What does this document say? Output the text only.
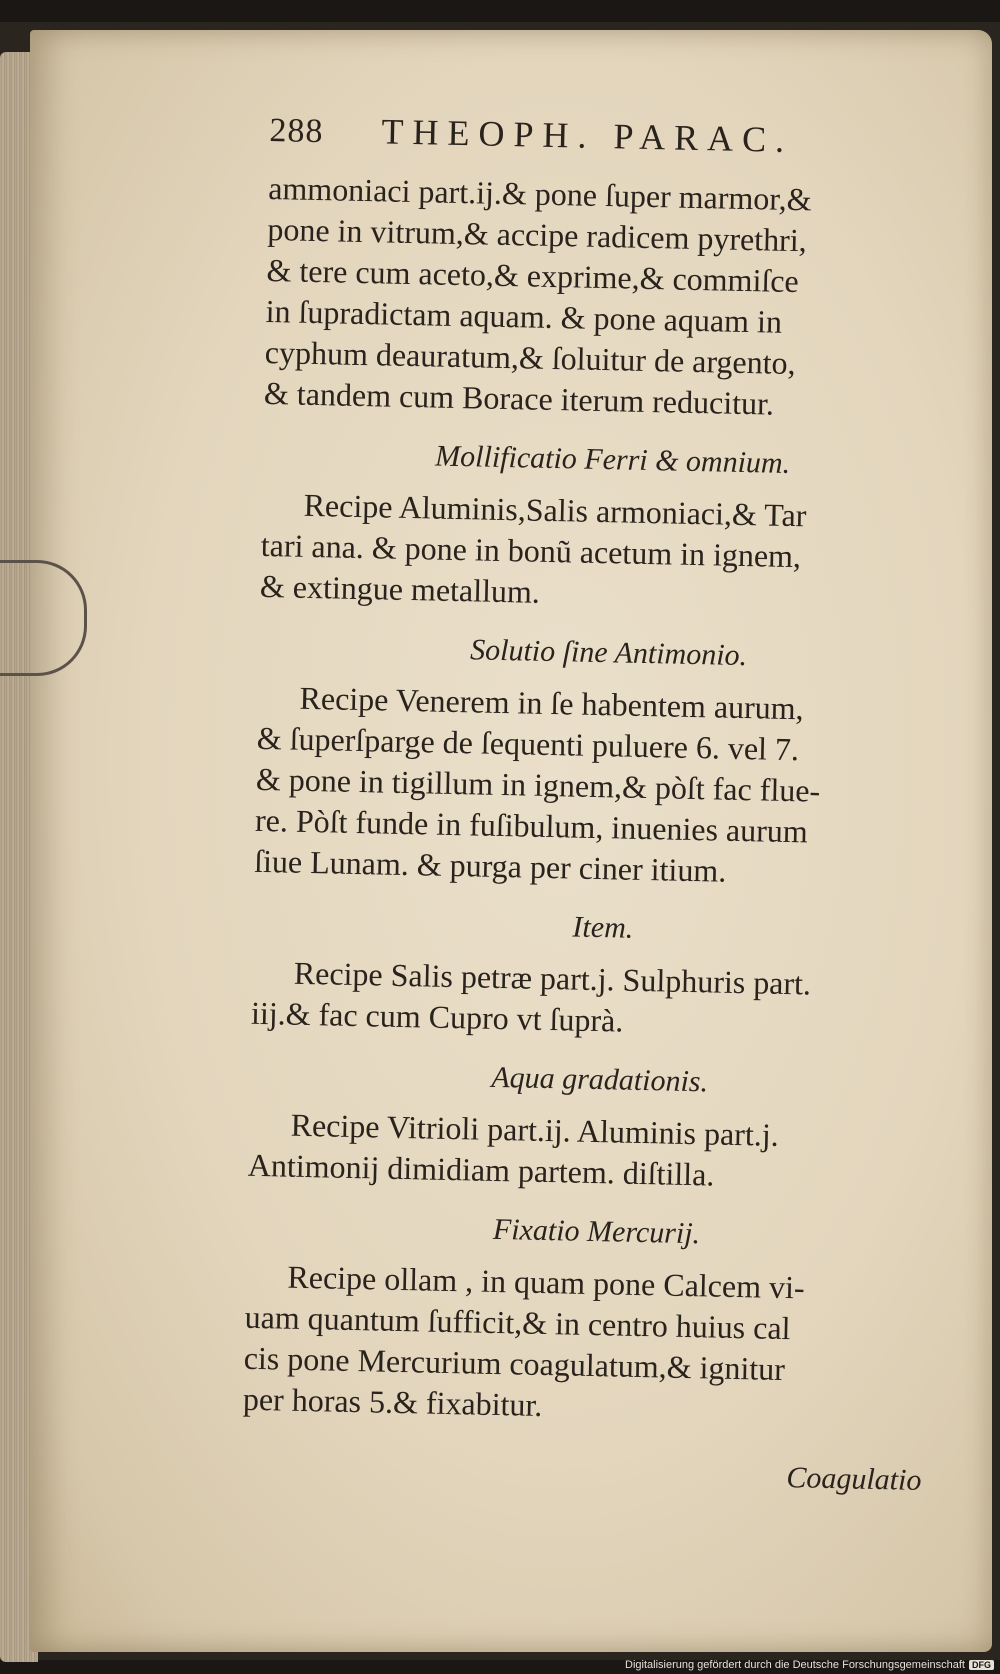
288 THEOPH. PARAC.
ammoniaci part.ij.& pone ſuper marmor,&
pone in vitrum,& accipe radicem pyrethri,
& tere cum aceto,& exprime,& commiſce
in ſupradictam aquam. & pone aquam in
cyphum deauratum,& ſoluitur de argento,
& tandem cum Borace iterum reducitur.
Mollificatio Ferri & omnium.
Recipe Aluminis,Salis armoniaci,& Tar
tari ana. & pone in bonũ acetum in ignem,
& extingue metallum.
Solutio ſine Antimonio.
Recipe Venerem in ſe habentem aurum,
& ſuperſparge de ſequenti puluere 6. vel 7.
& pone in tigillum in ignem,& pòſt fac flue-
re. Pòſt funde in fuſibulum, inuenies aurum
ſiue Lunam. & purga per ciner itium.
Item.
Recipe Salis petræ part.j. Sulphuris part.
iij.& fac cum Cupro vt ſuprà.
Aqua gradationis.
Recipe Vitrioli part.ij. Aluminis part.j.
Antimonij dimidiam partem. diſtilla.
Fixatio Mercurij.
Recipe ollam , in quam pone Calcem vi-
uam quantum ſufficit,& in centro huius cal
cis pone Mercurium coagulatum,& ignitur
per horas 5.& fixabitur.
Coagulatio
Digitalisierung gefördert durch die Deutsche Forschungsgemeinschaft DFG
